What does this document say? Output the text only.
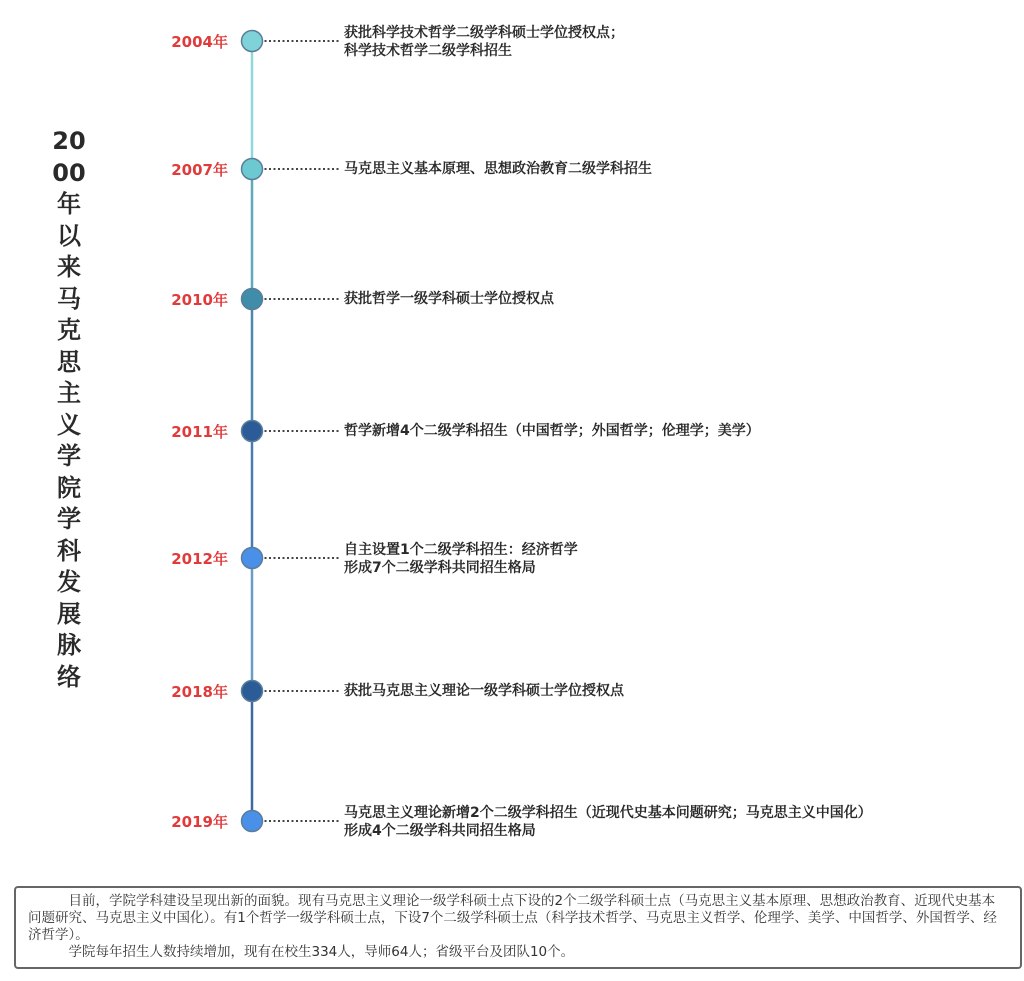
20
00
年
以
来
马
克
思
主
义
学
院
学
科
发
展
脉
络
2004年	获批科学技术哲学二级学科硕士学位授权点；
科学技术哲学二级学科招生
2007年	马克思主义基本原理、思想政治教育二级学科招生
2010年	获批哲学一级学科硕士学位授权点
2011年	哲学新增4个二级学科招生（中国哲学；外国哲学；伦理学；美学）
2012年	自主设置1个二级学科招生：经济哲学
形成7个二级学科共同招生格局
2018年	获批马克思主义理论一级学科硕士学位授权点
2019年	马克思主义理论新增2个二级学科招生（近现代史基本问题研究；马克思主义中国化）
形成4个二级学科共同招生格局

目前，学院学科建设呈现出新的面貌。现有马克思主义理论一级学科硕士点下设的2个二级学科硕士点（马克思主义基本原理、思想政治教育、近现代史基本问题研究、马克思主义中国化）。有1个哲学一级学科硕士点，下设7个二级学科硕士点（科学技术哲学、马克思主义哲学、伦理学、美学、中国哲学、外国哲学、经济哲学）。

学院每年招生人数持续增加，现有在校生334人，导师64人；省级平台及团队10个。
